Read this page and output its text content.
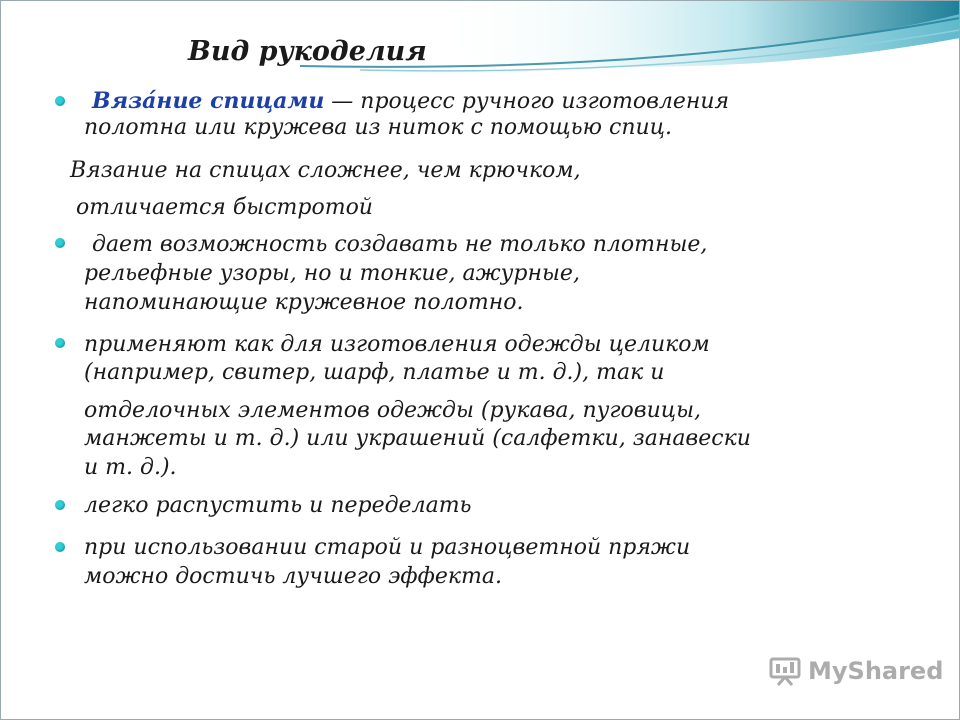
Вид рукоделия
Вяза́ние спицами — процесс ручного изготовления
полотна или кружева из ниток с помощью спиц.
Вязание на спицах сложнее, чем крючком,
отличается быстротой
дает возможность создавать не только плотные,
рельефные узоры, но и тонкие, ажурные,
напоминающие кружевное полотно.
применяют как для изготовления одежды целиком
(например, свитер, шарф, платье и т. д.), так и
отделочных элементов одежды (рукава, пуговицы,
манжеты и т. д.) или украшений (салфетки, занавески
и т. д.).
легко распустить и переделать
при использовании старой и разноцветной пряжи
можно достичь лучшего эффекта.
MyShared
